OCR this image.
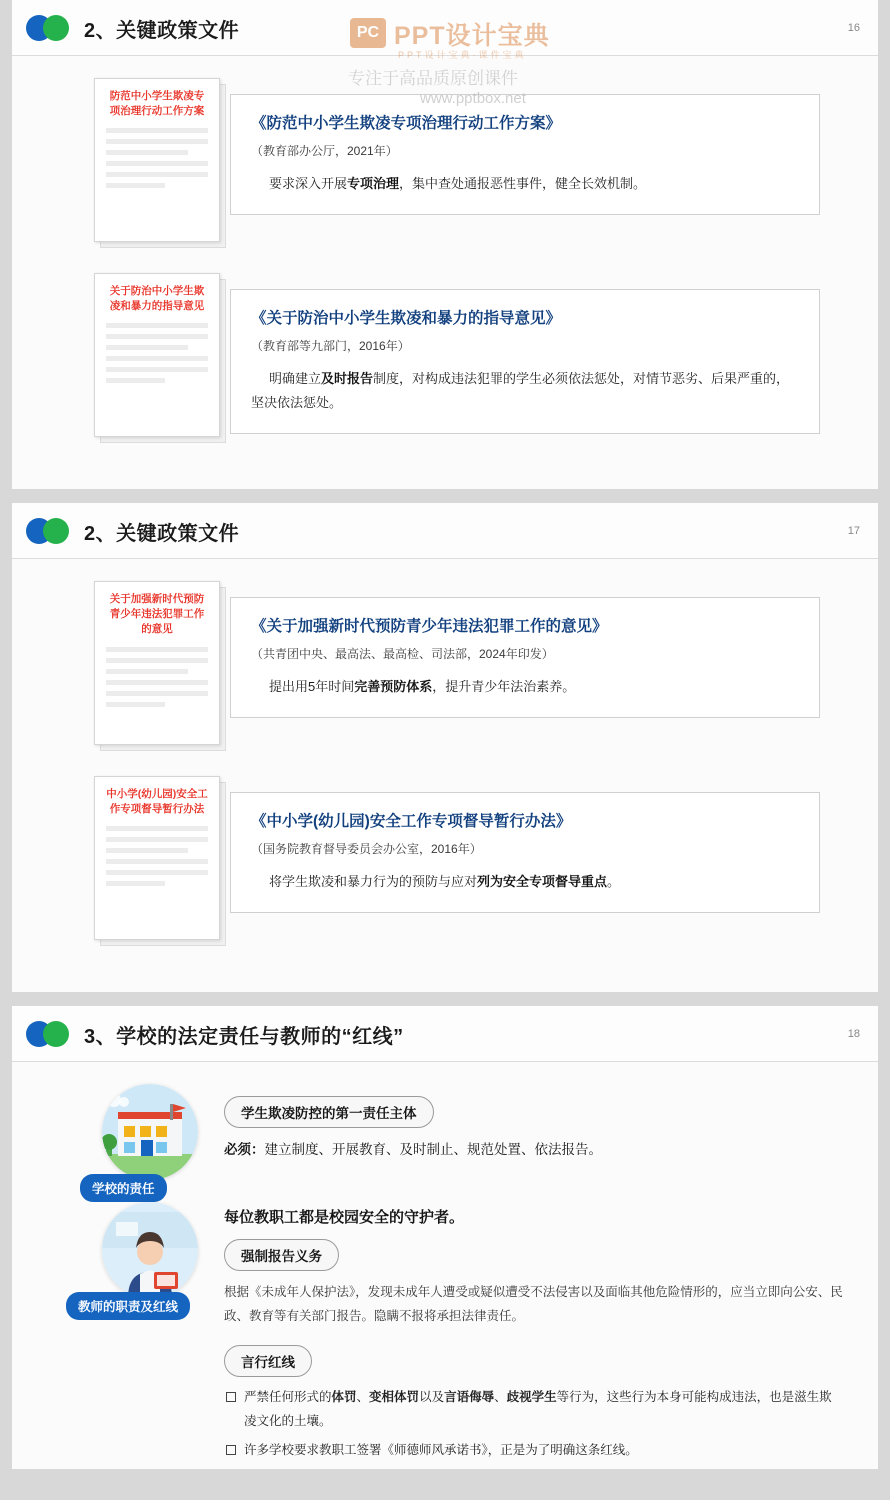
2、关键政策文件	16
PC PPT设计宝典
PPT设计宝典·课件宝典
专注于高品质原创课件
www.pptbox.net
防范中小学生欺凌专项治理行动工作方案
《防范中小学生欺凌专项治理行动工作方案》
（教育部办公厅，2021年）

要求深入开展专项治理，集中查处通报恶性事件，健全长效机制。

关于防治中小学生欺凌和暴力的指导意见
《关于防治中小学生欺凌和暴力的指导意见》
（教育部等九部门，2016年）

明确建立及时报告制度，对构成违法犯罪的学生必须依法惩处，对情节恶劣、后果严重的，坚决依法惩处。

2、关键政策文件	17
关于加强新时代预防青少年违法犯罪工作的意见	《关于加强新时代预防青少年违法犯罪工作的意见》
（共青团中央、最高法、最高检、司法部，2024年印发）

提出用5年时间完善预防体系，提升青少年法治素养。

中小学(幼儿园)安全工作专项督导暂行办法
《中小学(幼儿园)安全工作专项督导暂行办法》
（国务院教育督导委员会办公室，2016年）

将学生欺凌和暴力行为的预防与应对列为安全专项督导重点。

3、学校的法定责任与教师的“红线”	18
学校的责任
学生欺凌防控的第一责任主体

必须：建立制度、开展教育、及时制止、规范处置、依法报告。

教师的职责及红线
每位教职工都是校园安全的守护者。
强制报告义务

根据《未成年人保护法》，发现未成年人遭受或疑似遭受不法侵害以及面临其他危险情形的，应当立即向公安、民政、教育等有关部门报告。隐瞒不报将承担法律责任。

言行红线
严禁任何形式的体罚、变相体罚以及言语侮辱、歧视学生等行为，这些行为本身可能构成违法，也是滋生欺凌文化的土壤。
许多学校要求教职工签署《师德师风承诺书》，正是为了明确这条红线。
